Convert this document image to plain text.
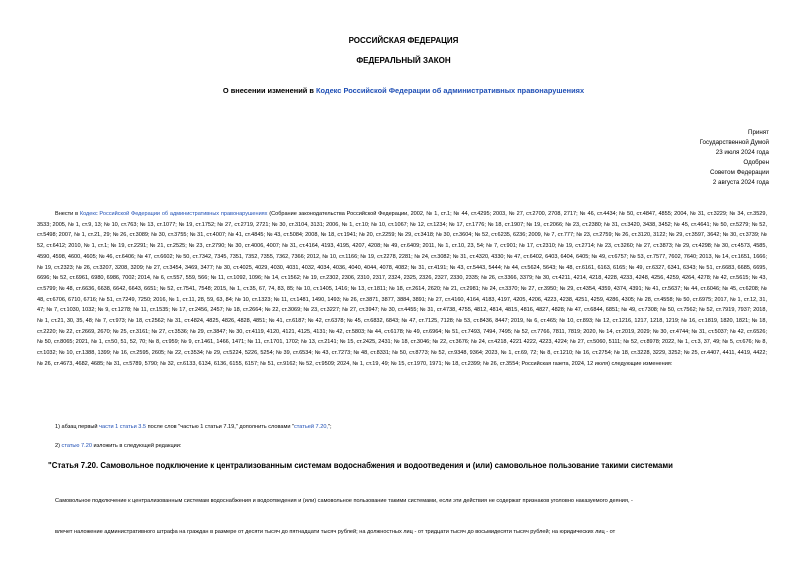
РОССИЙСКАЯ ФЕДЕРАЦИЯ
ФЕДЕРАЛЬНЫЙ ЗАКОН
О внесении изменений в Кодекс Российской Федерации об административных правонарушениях
Принят
Государственной Думой
23 июля 2024 года
Одобрен
Советом Федерации
2 августа 2024 года

Внести в Кодекс Российской Федерации об административных правонарушениях (Собрание законодательства Российской Федерации, 2002, № 1, ст.1; № 44, ст.4295; 2003, № 27, ст.2700, 2708, 2717; № 46, ст.4434; № 50, ст.4847, 4855; 2004, № 31, ст.3229; № 34, ст.3529, 3533; 2005, № 1, ст.9, 13; № 10, ст.763; № 13, ст.1077; № 19, ст.1752; № 27, ст.2719, 2721; № 30, ст.3104, 3131; 2006, № 1, ст.10; № 10, ст.1067; № 12, ст.1234; № 17, ст.1776; № 18, ст.1907; № 19, ст.2066; № 23, ст.2380; № 31, ст.3420, 3438, 3452; № 45, ст.4641; № 50, ст.5279; № 52, ст.5498; 2007, № 1, ст.21, 29; № 26, ст.3089; № 30, ст.3755; № 31, ст.4007; № 41, ст.4845; № 43, ст.5084; 2008, № 18, ст.1941; № 20, ст.2259; № 29, ст.3418; № 30, ст.3604; № 52, ст.6235, 6236; 2009, № 7, ст.777; № 23, ст.2759; № 26, ст.3120, 3122; № 29, ст.3597, 3642; № 30, ст.3739; № 52, ст.6412; 2010, № 1, ст.1; № 19, ст.2291; № 21, ст.2525; № 23, ст.2790; № 30, ст.4006, 4007; № 31, ст.4164, 4193, 4195, 4207, 4208; № 49, ст.6409; 2011, № 1, ст.10, 23, 54; № 7, ст.901; № 17, ст.2310; № 19, ст.2714; № 23, ст.3260; № 27, ст.3873; № 29, ст.4298; № 30, ст.4573, 4585, 4590, 4598, 4600, 4605; № 46, ст.6406; № 47, ст.6602; № 50, ст.7342, 7345, 7351, 7352, 7355, 7362, 7366; 2012, № 10, ст.1166; № 19, ст.2278, 2281; № 24, ст.3082; № 31, ст.4320, 4330; № 47, ст.6402, 6403, 6404, 6405; № 49, ст.6757; № 53, ст.7577, 7602, 7640; 2013, № 14, ст.1651, 1666; № 19, ст.2323; № 26, ст.3207, 3208, 3209; № 27, ст.3454, 3469, 3477; № 30, ст.4025, 4029, 4030, 4031, 4032, 4034, 4036, 4040, 4044, 4078, 4082; № 31, ст.4191; № 43, ст.5443, 5444; № 44, ст.5624, 5643; № 48, ст.6161, 6163, 6165; № 49, ст.6327, 6341, 6343; № 51, ст.6683, 6685, 6695, 6696; № 52, ст.6961, 6980, 6986, 7002; 2014, № 6, ст.557, 559, 566; № 11, ст.1092, 1096; № 14, ст.1562; № 19, ст.2302, 2306, 2310, 2317, 2324, 2325, 2326, 2327, 2330, 2335; № 26, ст.3366, 3379; № 30, ст.4211, 4214, 4218, 4228, 4233, 4248, 4256, 4259, 4264, 4278; № 42, ст.5615; № 43, ст.5799; № 48, ст.6636, 6638, 6642, 6643, 6651; № 52, ст.7541, 7548; 2015, № 1, ст.35, 67, 74, 83, 85; № 10, ст.1405, 1416; № 13, ст.1811; № 18, ст.2614, 2620; № 21, ст.2981; № 24, ст.3370; № 27, ст.3950; № 29, ст.4354, 4359, 4374, 4391; № 41, ст.5637; № 44, ст.6046; № 45, ст.6208; № 48, ст.6706, 6710, 6716; № 51, ст.7249, 7250; 2016, № 1, ст.11, 28, 59, 63, 84; № 10, ст.1323; № 11, ст.1481, 1490, 1493; № 26, ст.3871, 3877, 3884, 3891; № 27, ст.4160, 4164, 4183, 4197, 4205, 4206, 4223, 4238, 4251, 4259, 4286, 4305; № 28, ст.4558; № 50, ст.6975; 2017, № 1, ст.12, 31, 47; № 7, ст.1030, 1032; № 9, ст.1278; № 11, ст.1535; № 17, ст.2456, 2457; № 18, ст.2664; № 22, ст.3069; № 23, ст.3227; № 27, ст.3947; № 30, ст.4455; № 31, ст.4738, 4755, 4812, 4814, 4815, 4816, 4827, 4828; № 47, ст.6844, 6851; № 49, ст.7308; № 50, ст.7562; № 52, ст.7919, 7937; 2018, № 1, ст.21, 30, 35, 48; № 7, ст.973; № 18, ст.2562; № 31, ст.4824, 4825, 4826, 4828, 4851; № 41, ст.6187; № 42, ст.6378; № 45, ст.6832, 6843; № 47, ст.7125, 7128; № 53, ст.8436, 8447; 2019, № 6, ст.465; № 10, ст.893; № 12, ст.1216, 1217, 1218, 1219; № 16, ст.1819, 1820, 1821; № 18, ст.2220; № 22, ст.2669, 2670; № 25, ст.3161; № 27, ст.3536; № 29, ст.3847; № 30, ст.4119, 4120, 4121, 4125, 4131; № 42, ст.5803; № 44, ст.6178; № 49, ст.6964; № 51, ст.7493, 7494, 7495; № 52, ст.7766, 7811, 7819; 2020, № 14, ст.2019, 2029; № 30, ст.4744; № 31, ст.5037; № 42, ст.6526; № 50, ст.8065; 2021, № 1, ст.50, 51, 52, 70; № 8, ст.959; № 9, ст.1461, 1466, 1471; № 11, ст.1701, 1702; № 13, ст.2141; № 15, ст.2425, 2431; № 18, ст.3046; № 22, ст.3676; № 24, ст.4218, 4221 4222, 4223, 4224; № 27, ст.5060, 5111; № 52, ст.8978; 2022, № 1, ст.3, 37, 49; № 5, ст.676; № 8, ст.1032; № 10, ст.1388, 1399; № 16, ст.2595, 2605; № 22, ст.3534; № 29, ст.5224, 5226, 5254; № 39, ст.6534; № 43, ст.7273; № 48, ст.8331; № 50, ст.8773; № 52, ст.9348, 9364; 2023, № 1, ст.69, 72; № 8, ст.1210; № 16, ст.2754; № 18, ст.3228, 3229, 3252; № 25, ст.4407, 4411, 4419, 4422; № 26, ст.4673, 4682, 4685; № 31, ст.5789, 5790; № 32, ст.6133, 6134, 6136, 6155, 6157; № 51, ст.9162; № 52, ст.9509; 2024, № 1, ст.19, 49; № 15, ст.1970, 1971; № 18, ст.2399; № 26, ст.3554; Российская газета, 2024, 12 июля) следующие изменения:

1) абзац первый части 1 статьи 3.5 после слов "частью 1 статьи 7.19," дополнить словами "статьей 7.20,";
2) статью 7.20 изложить в следующей редакции:
"Статья 7.20. Самовольное подключение к централизованным системам водоснабжения и водоотведения и (или) самовольное пользование такими системами

Самовольное подключение к централизованным системам водоснабжения и водоотведения и (или) самовольное пользование такими системами, если эти действия не содержат признаков уголовно наказуемого деяния, -

влечет наложение административного штрафа на граждан в размере от десяти тысяч до пятнадцати тысяч рублей; на должностных лиц - от тридцати тысяч до восьмидесяти тысяч рублей; на юридических лиц - от
